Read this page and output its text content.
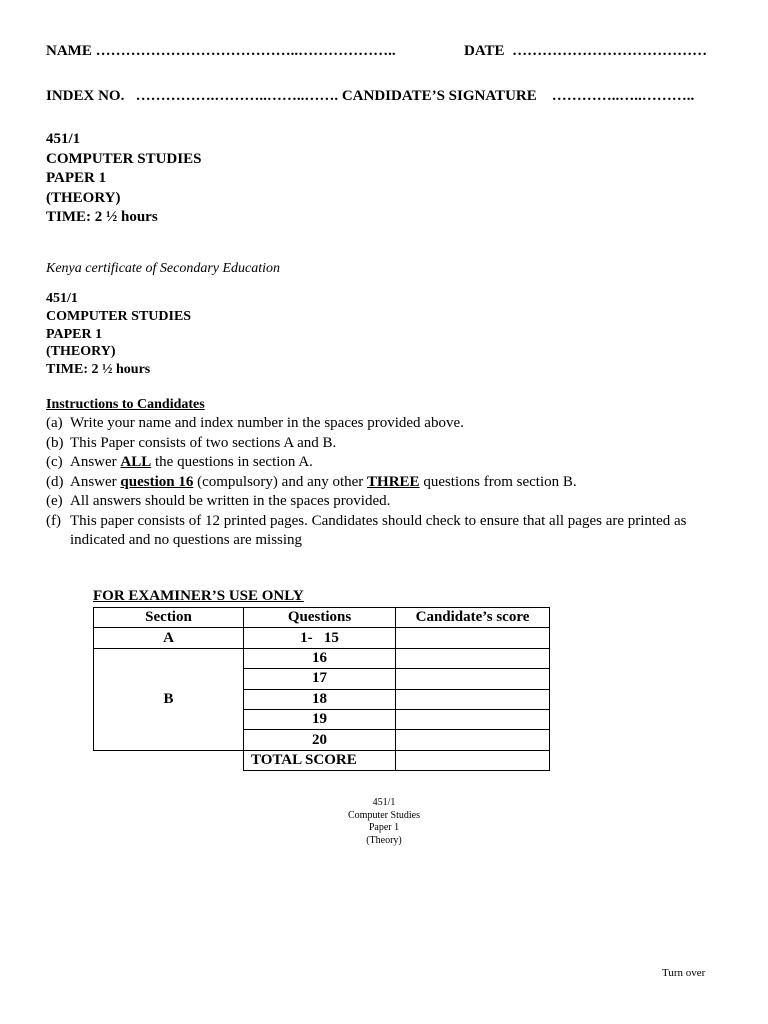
NAME …………………………………..………………..	DATE …………………………………
INDEX NO. …………….………..……..……. CANDIDATE’S SIGNATURE …………..…..………..
451/1
COMPUTER STUDIES
PAPER 1
(THEORY)
TIME: 2 ½ hours
Kenya certificate of Secondary Education
451/1
COMPUTER STUDIES
PAPER 1
(THEORY)
TIME: 2 ½ hours
Instructions to Candidates
(a) Write your name and index number in the spaces provided above.
(b) This Paper consists of two sections A and B.
(c) Answer ALL the questions in section A.
(d) Answer question 16 (compulsory) and any other THREE questions from section B.
(e) All answers should be written in the spaces provided.
(f) This paper consists of 12 printed pages. Candidates should check to ensure that all pages are printed as indicated and no questions are missing
FOR EXAMINER’S USE ONLY
Section	Questions	Candidate’s score
A	1-   15	
B	16	
	17	
	18	
	19	
	20	
	TOTAL SCORE	
451/1
Computer Studies
Paper 1
(Theory)
Turn over
